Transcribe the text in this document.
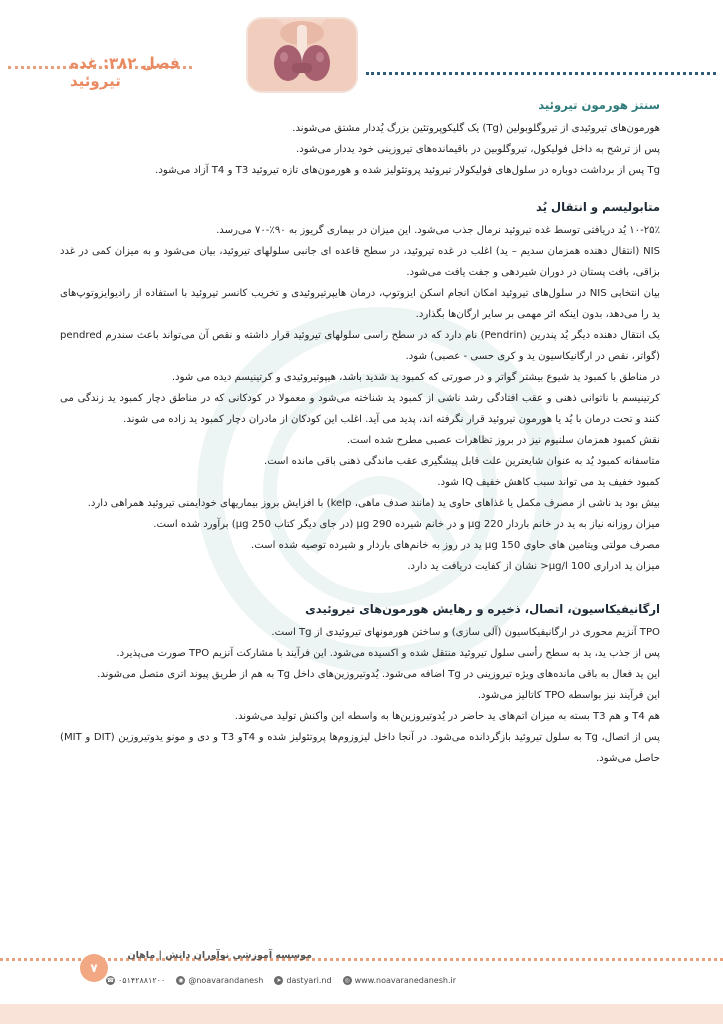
فصل ۳۸۲: غده تیروئید
سنتز هورمون تیروئید

هورمون‌های تیروئیدی از تیروگلوبولین (Tg) یک گلیکوپروتئین بزرگ یُددار مشتق می‌شوند.

پس از ترشح به داخل فولیکول، تیروگلوبین در باقیمانده‌های تیروزینی خود یددار می‌شود.

Tg پس از برداشت دوباره در سلول‌های فولیکولار تیروئید پروتئولیز شده و هورمون‌های تازه تیروئید T3 و T4 آزاد می‌شود.

متابولیسم و انتقال یُد

۲۵٪-۱۰ یُد دریافتی توسط غده تیروئید نرمال جذب می‌شود. این میزان در بیماری گریوز به ۹۰٪-۷۰ می‌رسد.

NIS (انتقال دهنده همزمان سدیم – ید) اغلب در غده تیروئید، در سطح قاعده ای جانبی سلولهای تیروئید، بیان می‌شود و به میزان کمی در غدد بزاقی، بافت پستان در دوران شیردهی و جفت یافت می‌شود.

بیان انتخابی NIS در سلول‌های تیروئید امکان انجام اسکن ایزوتوپ، درمان هایپرتیروئیدی و تخریب کانسر تیروئید با استفاده از رادیوایزوتوپ‌های ید را می‌دهد، بدون اینکه اثر مهمی بر سایر ارگان‌ها بگذارد.

یک انتقال دهنده دیگر یُد پندرین (Pendrin) نام دارد که در سطح راسی سلولهای تیروئید قرار داشته و نقص آن می‌تواند باعث سندرم pendred (گواتر، نقص در ارگانیکاسیون ید و کری حسی - عصبی) شود.

در مناطق با کمبود ید شیوع بیشتر گواتر و در صورتی که کمبود ید شدید باشد، هیپوتیروئیدی و کرتینیسم دیده می شود.

کرتینیسم با ناتوانی ذهنی و عقب افتادگی رشد ناشی از کمبود ید شناخته می‌شود و معمولا در کودکانی که در مناطق دچار کمبود ید زندگی می کنند و تحت درمان با یُد یا هورمون تیروئید قرار نگرفته اند، پدید می آید. اغلب این کودکان از مادران دچار کمبود ید زاده می شوند.

نقش کمبود همزمان سلنیوم نیز در بروز تظاهرات عصبی مطرح شده است.

متاسفانه کمبود یُد به عنوان شایعترین علت قابل پیشگیری عقب ماندگی ذهنی باقی مانده است.

کمبود خفیف ید می تواند سبب کاهش خفیف IQ شود.

بیش بود ید ناشی از مصرف مکمل یا غذاهای حاوی ید (مانند صدف ماهی، kelp) با افزایش بروز بیماریهای خودایمنی تیروئید همراهی دارد.

میزان روزانه نیاز به ید در خانم باردار 220 μg و در خانم شیرده 290 μg (در جای دیگر کتاب 250 μg) برآورد شده است.

مصرف مولتی ویتامین های حاوی 150 μg ید در روز به خانم‌های باردار و شیرده توصیه شده است.

میزان ید ادراری 100 μg/l< نشان از کفایت دریافت ید دارد.

ارگانیفیکاسیون، اتصال، ذخیره و رهایش هورمون‌های تیروئیدی

TPO آنزیم محوری در ارگانیفیکاسیون (آلی سازی) و ساختن هورمونهای تیروئیدی از Tg است.

پس از جذب ید، ید به سطح رأسی سلول تیروئید منتقل شده و اکسیده می‌شود. این فرآیند با مشارکت آنزیم TPO صورت می‌پذیرد.

این ید فعال به باقی مانده‌های ویژه تیروزینی در Tg اضافه می‌شود. یُدوتیروزین‌های داخل Tg به هم از طریق پیوند اتری متصل می‌شوند.

این فرآیند نیز بواسطه TPO کاتالیز می‌شود.

هم T4 و هم T3 بسته به میزان اتم‌های ید حاضر در یُدوتیروزین‌ها به واسطه این واکنش تولید می‌شوند.

پس از اتصال، Tg به سلول تیروئید بازگردانده می‌شود. در آنجا داخل لیزوزوم‌ها پروتئولیز شده و T4و T3 و دی و مونو یدوتیروزین (DIT و MIT) حاصل می‌شود.

موسسه آموزشی نوآوران دانش | ماهان
۷
◎ www.noavaranedanesh.ir
➤ dastyari.nd
◉ @noavarandanesh
☎ ۰۵۱۴۲۸۸۱۲۰۰
